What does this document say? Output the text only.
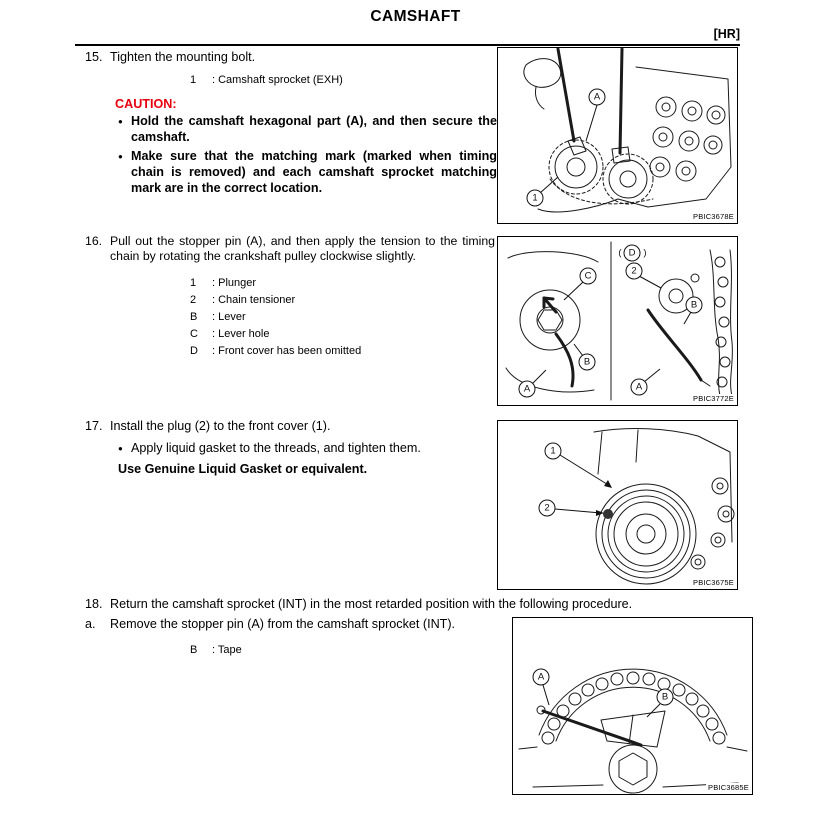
CAMSHAFT
[HR]
15. Tighten the mounting bolt.
1	: Camshaft sprocket (EXH)
CAUTION:
● Hold the camshaft hexagonal part (A), and then secure the camshaft.
● Make sure that the matching mark (marked when timing chain is removed) and each camshaft sprocket matching mark are in the correct location.
A
1
PBIC3678E
16. Pull out the stopper pin (A), and then apply the tension to the timing chain by rotating the crankshaft pulley clockwise slightly.
1	: Plunger
2	: Chain tensioner
B	: Lever
C	: Lever hole
D	: Front cover has been omitted
C
B
A
( D )
2
B
A
PBIC3772E
17. Install the plug (2) to the front cover (1).
● Apply liquid gasket to the threads, and tighten them.
Use Genuine Liquid Gasket or equivalent.
1
2
PBIC3675E
18. Return the camshaft sprocket (INT) in the most retarded position with the following procedure.
a. Remove the stopper pin (A) from the camshaft sprocket (INT).
B	: Tape
A
B
PBIC3685E
